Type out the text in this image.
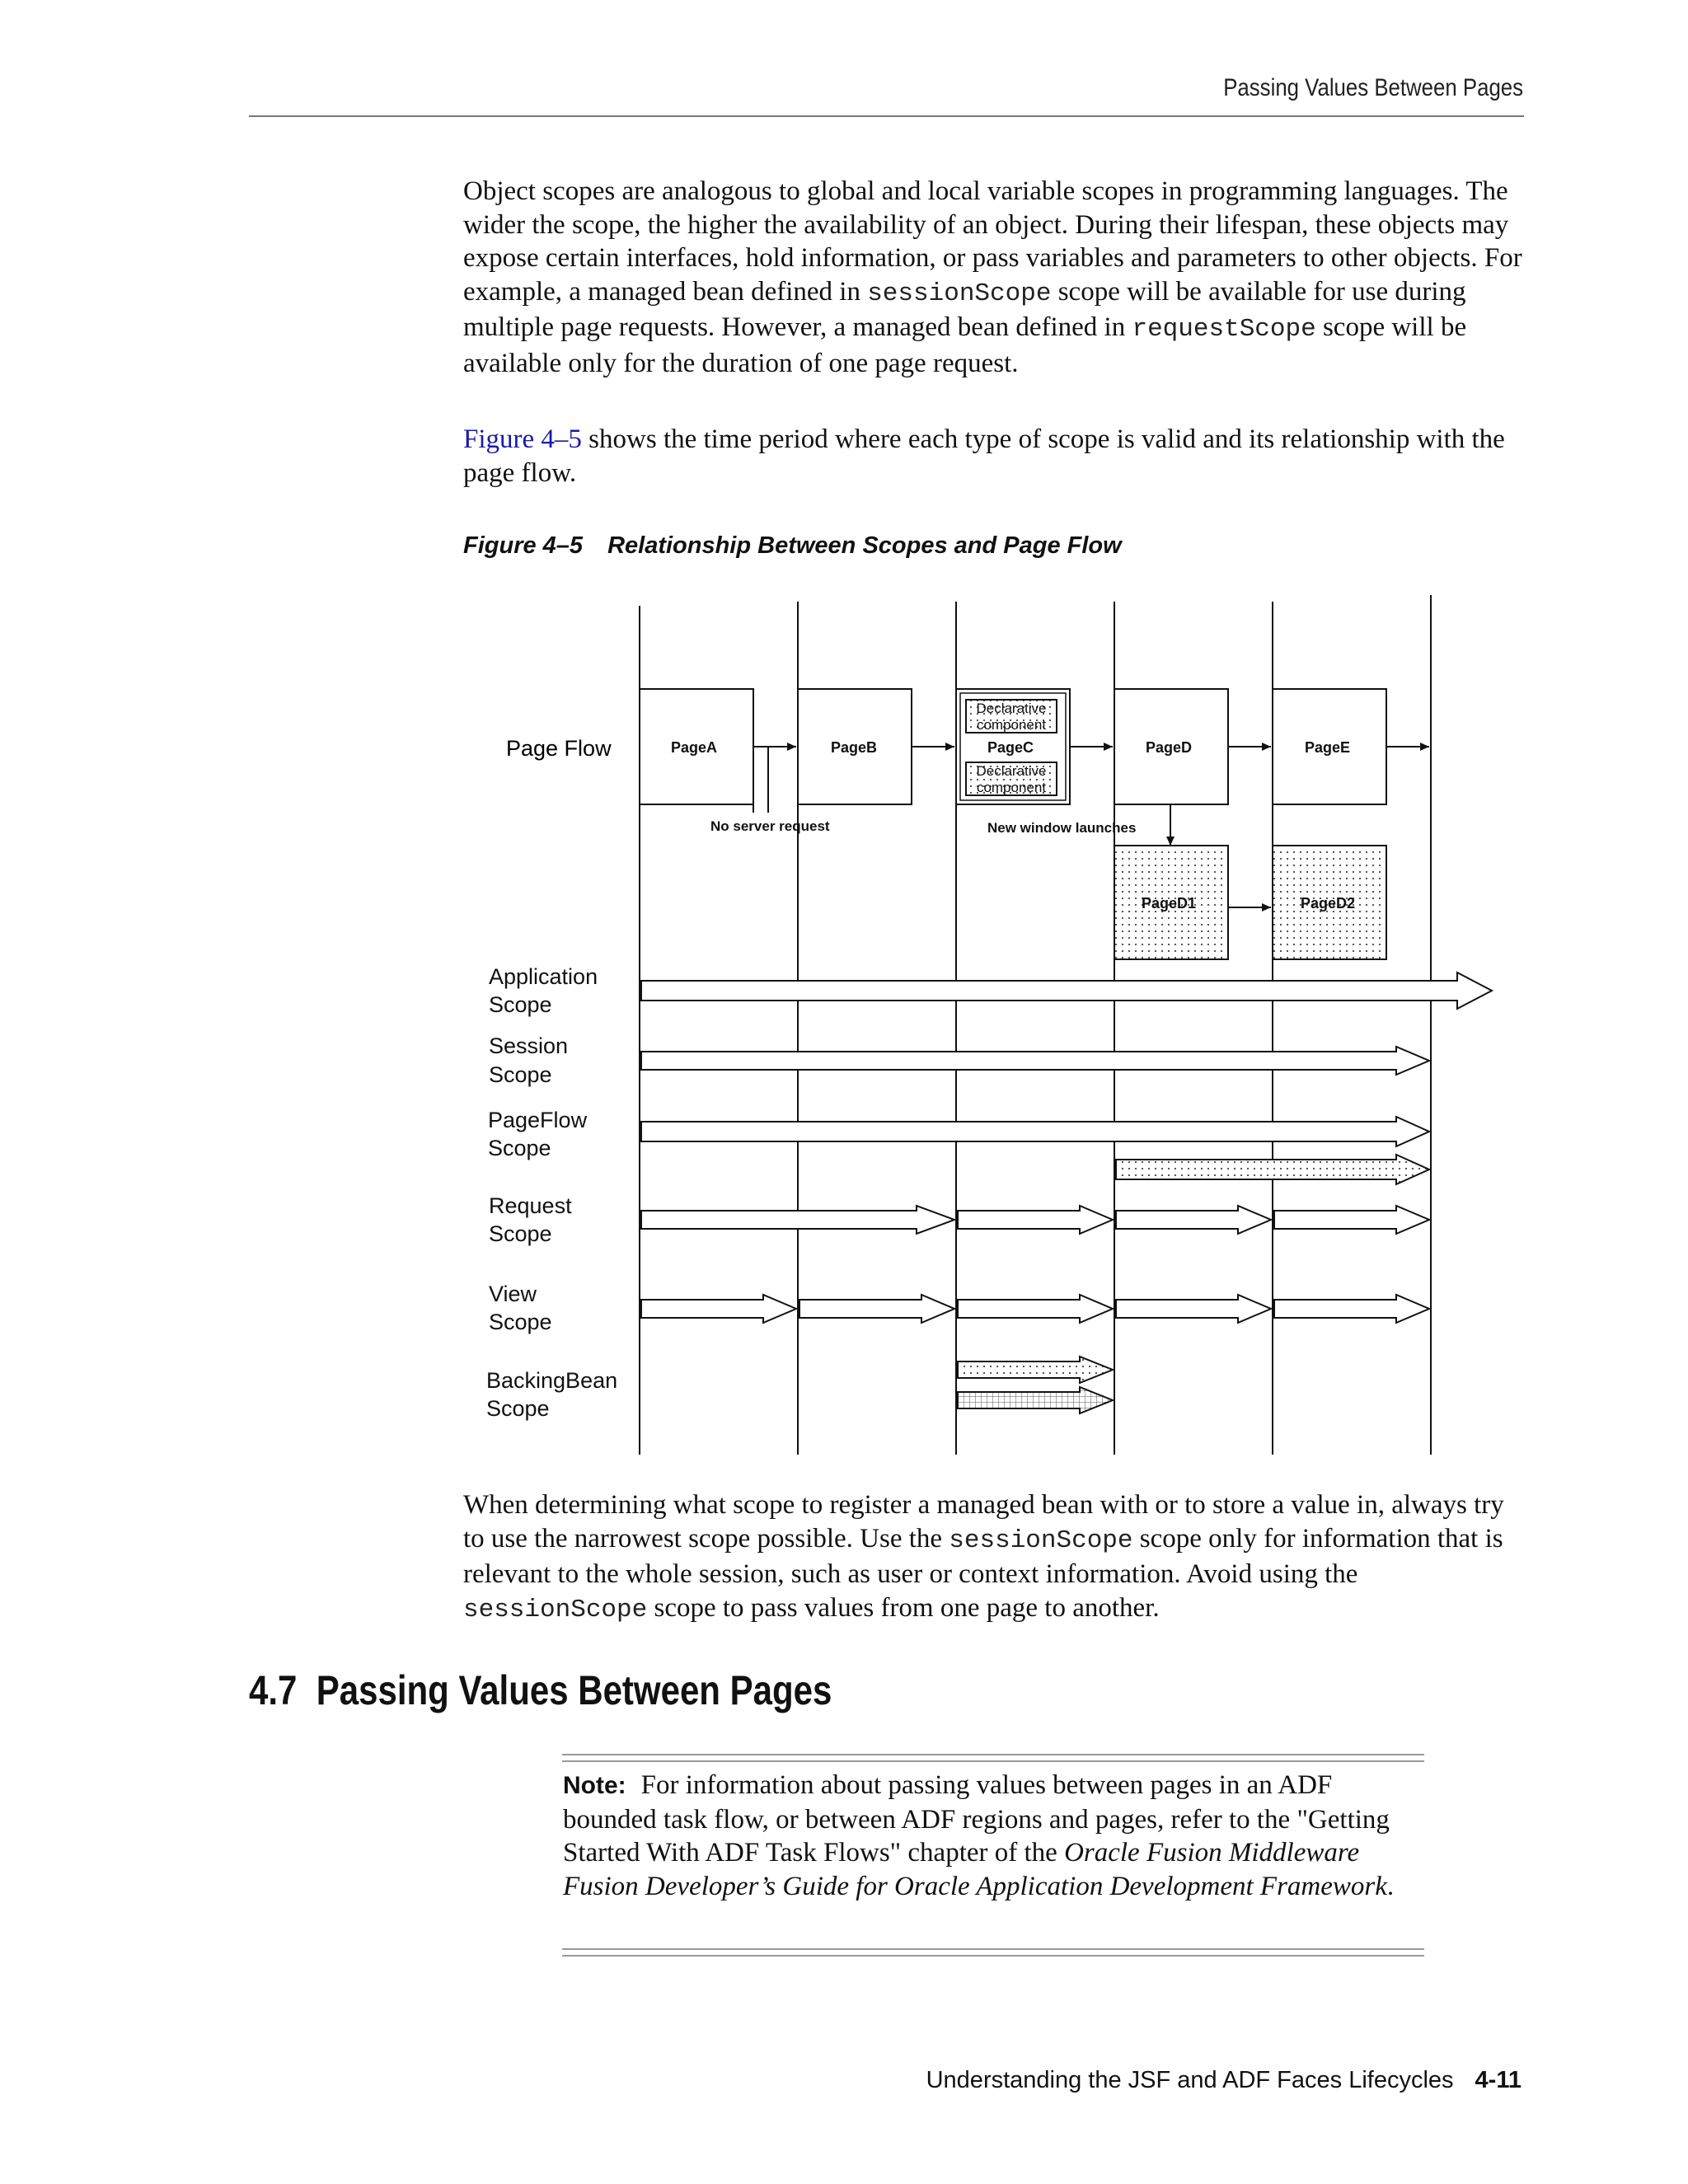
Passing Values Between Pages

Object scopes are analogous to global and local variable scopes in programming languages. The wider the scope, the higher the availability of an object. During their lifespan, these objects may expose certain interfaces, hold information, or pass variables and parameters to other objects. For example, a managed bean defined in sessionScope scope will be available for use during multiple page requests. However, a managed bean defined in requestScope scope will be available only for the duration of one page request.

Figure 4–5 shows the time period where each type of scope is valid and its relationship with the page flow.

Figure 4–5 Relationship Between Scopes and Page Flow
Page Flow
Declarative
component
Declarative
component
PageA	PageB	PageC	PageD	PageE
No server request	New window launches
PageD1	PageD2
Application
Scope
Session
Scope
PageFlow
Scope
Request
Scope
View
Scope
BackingBean
Scope

When determining what scope to register a managed bean with or to store a value in, always try to use the narrowest scope possible. Use the sessionScope scope only for information that is relevant to the whole session, such as user or context information. Avoid using the sessionScope scope to pass values from one page to another.

4.7 Passing Values Between Pages
Note: For information about passing values between pages in an ADF bounded task flow, or between ADF regions and pages, refer to the "Getting Started With ADF Task Flows" chapter of the Oracle Fusion Middleware Fusion Developer’s Guide for Oracle Application Development Framework.
Understanding the JSF and ADF Faces Lifecycles 4-11
